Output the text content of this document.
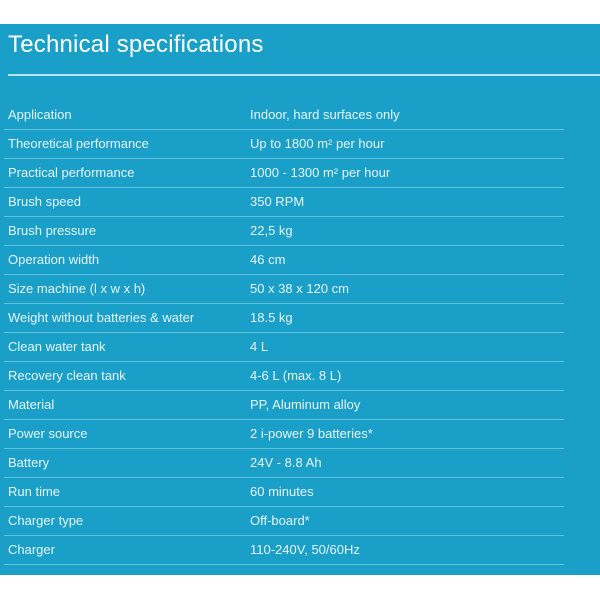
Technical specifications
Application	Indoor, hard surfaces only
Theoretical performance	Up to 1800 m² per hour
Practical performance	1000 - 1300 m² per hour
Brush speed	350 RPM
Brush pressure	22,5 kg
Operation width	46 cm
Size machine (l x w x h)	50 x 38 x 120 cm
Weight without batteries & water	18.5 kg
Clean water tank	4 L
Recovery clean tank	4-6 L (max. 8 L)
Material	PP, Aluminum alloy
Power source	2 i-power 9 batteries*
Battery	24V - 8.8 Ah
Run time	60 minutes
Charger type	Off-board*
Charger	110-240V, 50/60Hz
